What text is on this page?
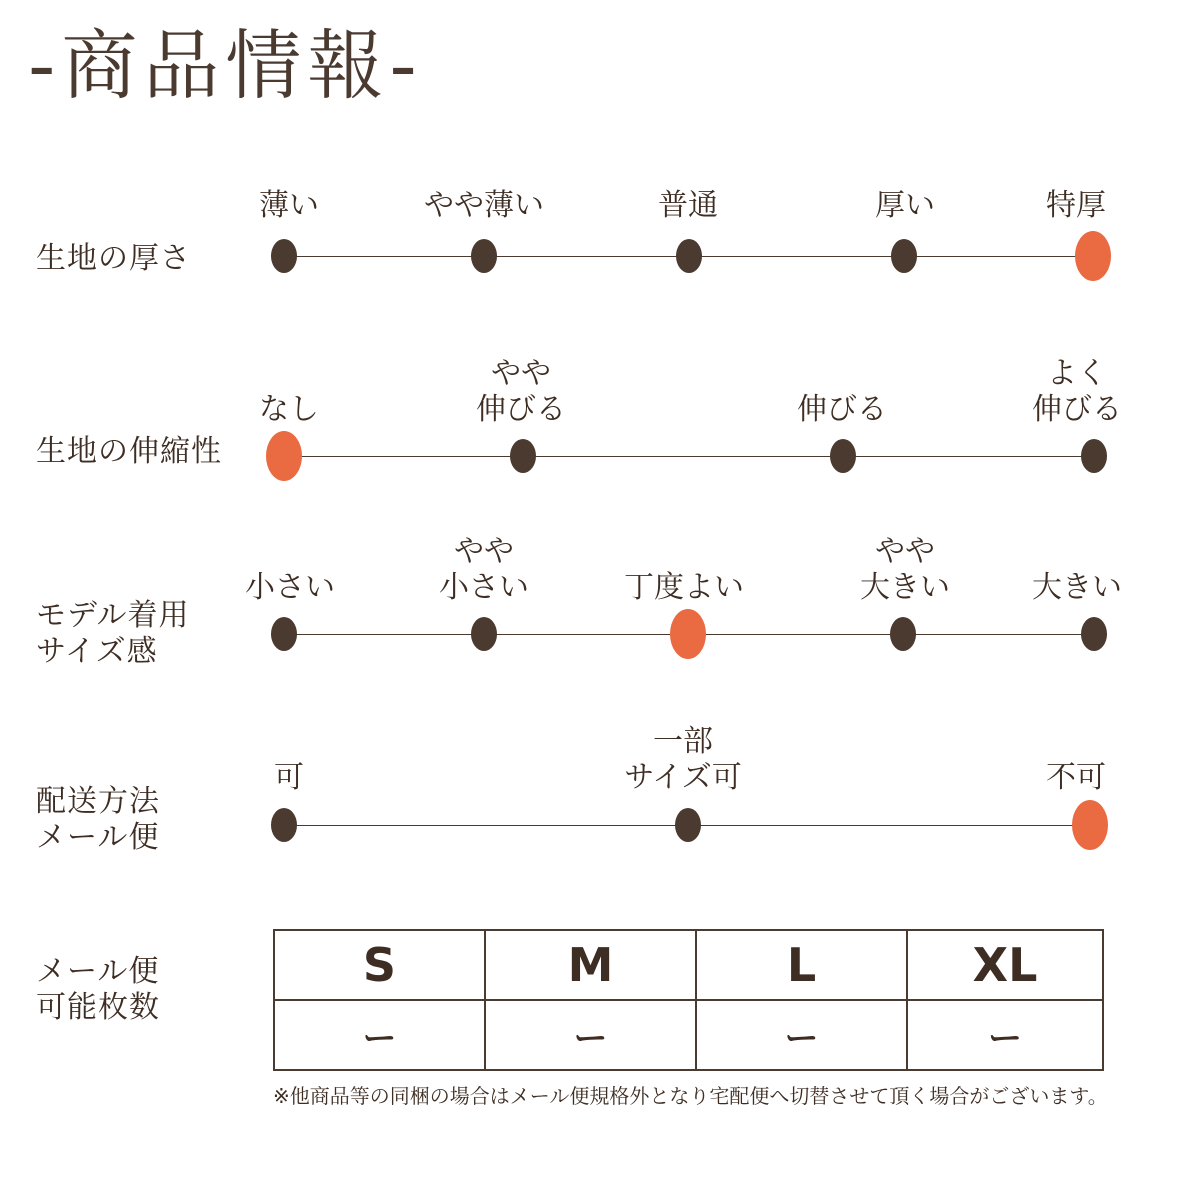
-商品情報-
生地の厚さ
薄い	やや薄い	普通	厚い	特厚
生地の伸縮性
なし
やや
伸びる	伸びる
よく
伸びる
モデル着用
サイズ感
小さい
やや
小さい	丁度よい
やや
大きい	大きい
配送方法
メール便
可
一部
サイズ可	不可
メール便
可能枚数
S	M	L	XL
ー	ー	ー	ー
※他商品等の同梱の場合はメール便規格外となり宅配便へ切替させて頂く場合がございます。
